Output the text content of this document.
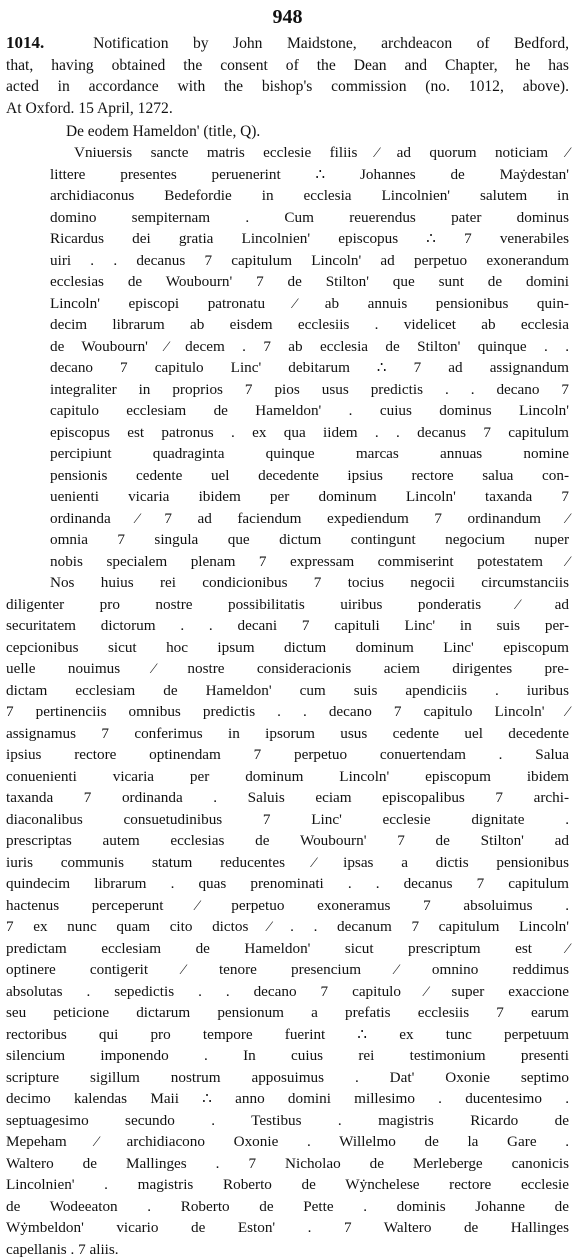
948
1014.	Notification by John Maidstone, archdeacon of Bedford,
that, having obtained the consent of the Dean and Chapter, he has
acted in accordance with the bishop's commission (no. 1012, above).
At Oxford. 15 April, 1272.
De eodem Hameldon' (title, Q).
Vniuersis sancte matris ecclesie filiis ⁄ ad quorum noticiam ⁄
littere presentes peruenerint ∴ Johannes de Maẏdestan'
archidiaconus Bedefordie in ecclesia Lincolnien' salutem in
domino sempiternam . Cum reuerendus pater dominus
Ricardus dei gratia Lincolnien' episcopus ∴ 7 venerabiles
uiri . . decanus 7 capitulum Lincoln' ad perpetuo exonerandum
ecclesias de Woubourn' 7 de Stilton' que sunt de domini
Lincoln' episcopi patronatu ⁄ ab annuis pensionibus quin-
decim librarum ab eisdem ecclesiis . videlicet ab ecclesia
de Woubourn' ⁄ decem . 7 ab ecclesia de Stilton' quinque . .
decano 7 capitulo Linc' debitarum ∴ 7 ad assignandum
integraliter in proprios 7 pios usus predictis . . decano 7
capitulo ecclesiam de Hameldon' . cuius dominus Lincoln'
episcopus est patronus . ex qua iidem . . decanus 7 capitulum
percipiunt quadraginta quinque marcas annuas nomine
pensionis cedente uel decedente ipsius rectore salua con-
uenienti vicaria ibidem per dominum Lincoln' taxanda 7
ordinanda ⁄ 7 ad faciendum expediendum 7 ordinandum ⁄
omnia 7 singula que dictum contingunt negocium nuper
nobis specialem plenam 7 expressam commiserint potestatem ⁄
Nos huius rei condicionibus 7 tocius negocii circumstanciis
diligenter pro nostre possibilitatis uiribus ponderatis ⁄ ad
securitatem dictorum . . decani 7 capituli Linc' in suis per-
cepcionibus sicut hoc ipsum dictum dominum Linc' episcopum
uelle nouimus ⁄ nostre consideracionis aciem dirigentes pre-
dictam ecclesiam de Hameldon' cum suis apendiciis . iuribus
7 pertinenciis omnibus predictis . . decano 7 capitulo Lincoln' ⁄
assignamus 7 conferimus in ipsorum usus cedente uel decedente
ipsius rectore optinendam 7 perpetuo conuertendam . Salua
conuenienti vicaria per dominum Lincoln' episcopum ibidem
taxanda 7 ordinanda . Saluis eciam episcopalibus 7 archi-
diaconalibus consuetudinibus 7 Linc' ecclesie dignitate .
prescriptas autem ecclesias de Woubourn' 7 de Stilton' ad
iuris communis statum reducentes ⁄ ipsas a dictis pensionibus
quindecim librarum . quas prenominati . . decanus 7 capitulum
hactenus perceperunt ⁄ perpetuo exoneramus 7 absoluimus .
7 ex nunc quam cito dictos ⁄ . . decanum 7 capitulum Lincoln'
predictam ecclesiam de Hameldon' sicut prescriptum est ⁄
optinere contigerit ⁄ tenore presencium ⁄ omnino reddimus
absolutas . sepedictis . . decano 7 capitulo ⁄ super exaccione
seu peticione dictarum pensionum a prefatis ecclesiis 7 earum
rectoribus qui pro tempore fuerint ∴ ex tunc perpetuum
silencium imponendo . In cuius rei testimonium presenti
scripture sigillum nostrum apposuimus . Dat' Oxonie septimo
decimo kalendas Maii ∴ anno domini millesimo . ducentesimo .
septuagesimo secundo . Testibus . magistris Ricardo de
Mepeham ⁄ archidiacono Oxonie . Willelmo de la Gare .
Waltero de Mallinges . 7 Nicholao de Merleberge canonicis
Lincolnien' . magistris Roberto de Wẏnchelese rectore ecclesie
de Wodeeaton . Roberto de Pette . dominis Johanne de
Wẏmbeldon' vicario de Eston' . 7 Waltero de Hallinges
capellanis . 7 aliis.
